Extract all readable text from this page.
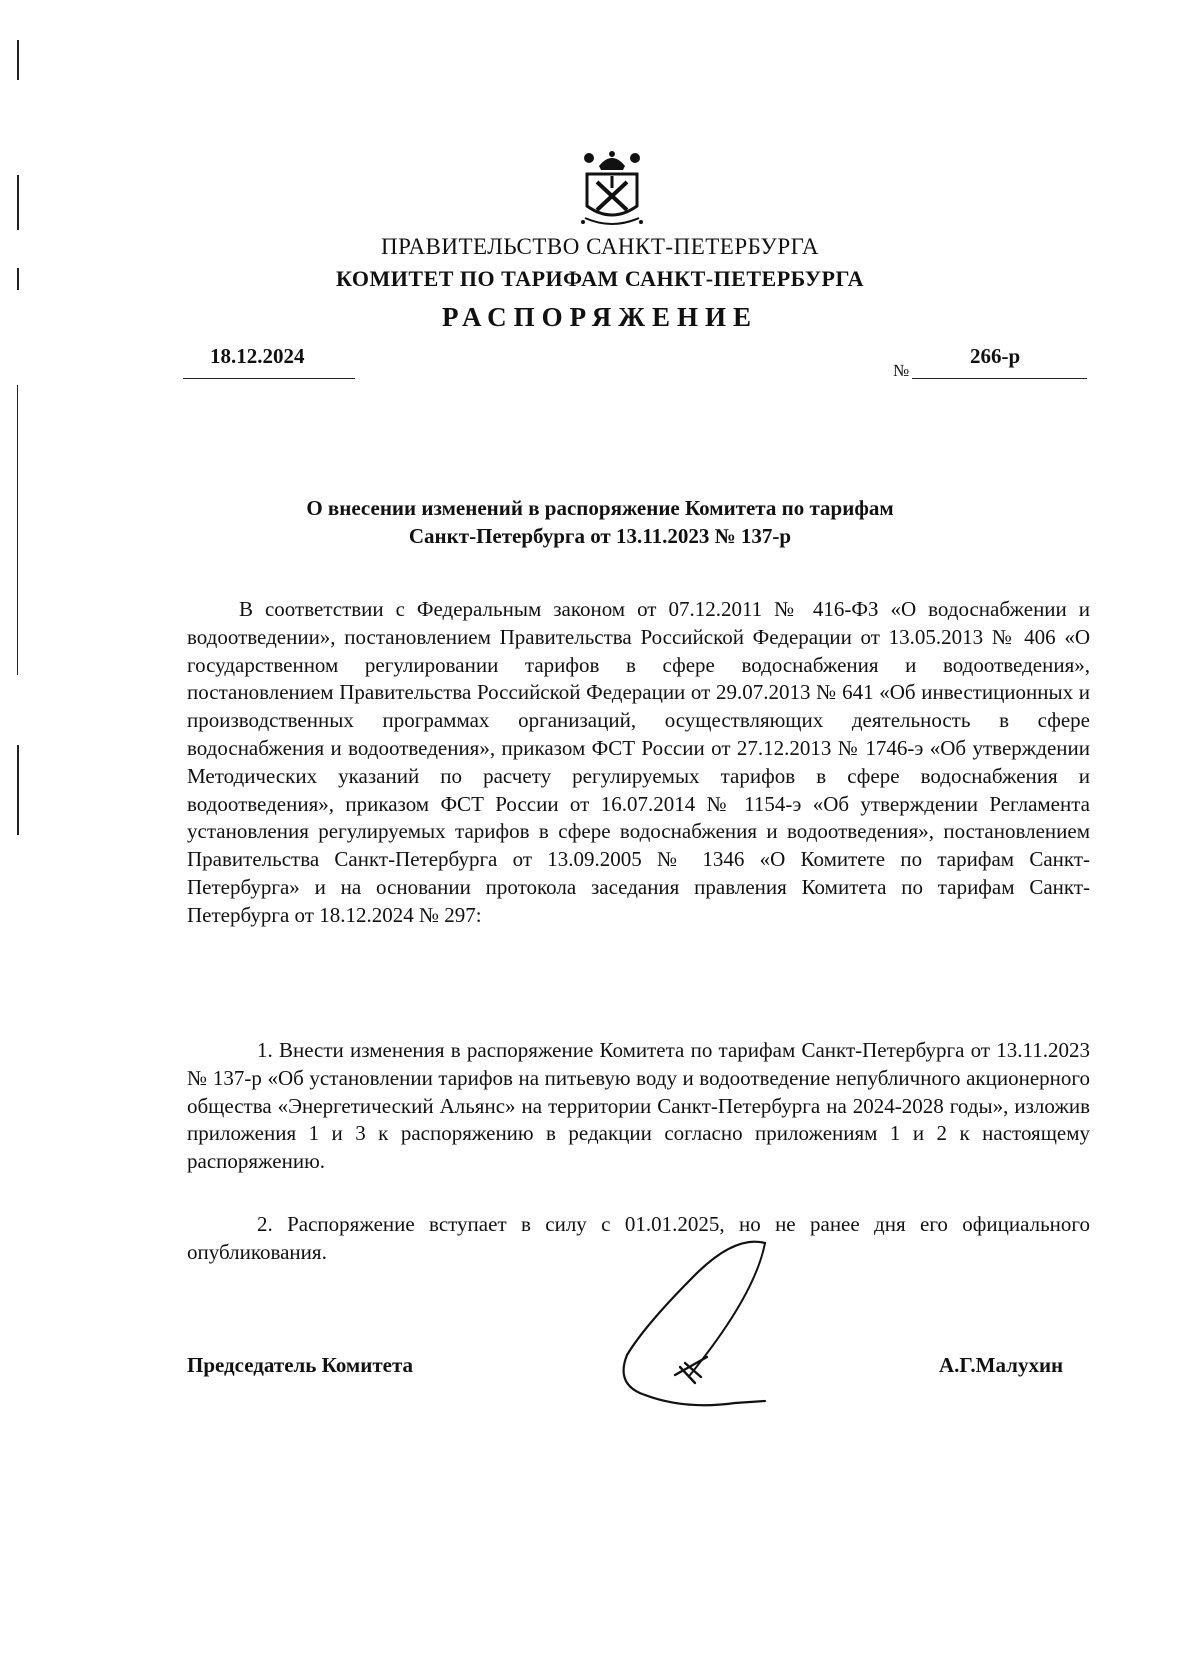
ПРАВИТЕЛЬСТВО САНКТ-ПЕТЕРБУРГА
КОМИТЕТ ПО ТАРИФАМ САНКТ-ПЕТЕРБУРГА
РАСПОРЯЖЕНИЕ
18.12.2024
№
266-р
О внесении изменений в распоряжение Комитета по тарифам
Санкт-Петербурга от 13.11.2023 № 137-р
В соответствии с Федеральным законом от 07.12.2011 № 416-ФЗ «О водоснабжении и водоотведении», постановлением Правительства Российской Федерации от 13.05.2013 № 406 «О государственном регулировании тарифов в сфере водоснабжения и водоотведения», постановлением Правительства Российской Федерации от 29.07.2013 № 641 «Об инвестиционных и производственных программах организаций, осуществляющих деятельность в сфере водоснабжения и водоотведения», приказом ФСТ России от 27.12.2013 № 1746-э «Об утверждении Методических указаний по расчету регулируемых тарифов в сфере водоснабжения и водоотведения», приказом ФСТ России от 16.07.2014 № 1154-э «Об утверждении Регламента установления регулируемых тарифов в сфере водоснабжения и водоотведения», постановлением Правительства Санкт-Петербурга от 13.09.2005 № 1346 «О Комитете по тарифам Санкт-Петербурга» и на основании протокола заседания правления Комитета по тарифам Санкт-Петербурга от 18.12.2024 № 297:
1. Внести изменения в распоряжение Комитета по тарифам Санкт-Петербурга от 13.11.2023 № 137-р «Об установлении тарифов на питьевую воду и водоотведение непубличного акционерного общества «Энергетический Альянс» на территории Санкт-Петербурга на 2024-2028 годы», изложив приложения 1 и 3 к распоряжению в редакции согласно приложениям 1 и 2 к настоящему распоряжению.
2. Распоряжение вступает в силу с 01.01.2025, но не ранее дня его официального опубликования.
Председатель Комитета	А.Г.Малухин
